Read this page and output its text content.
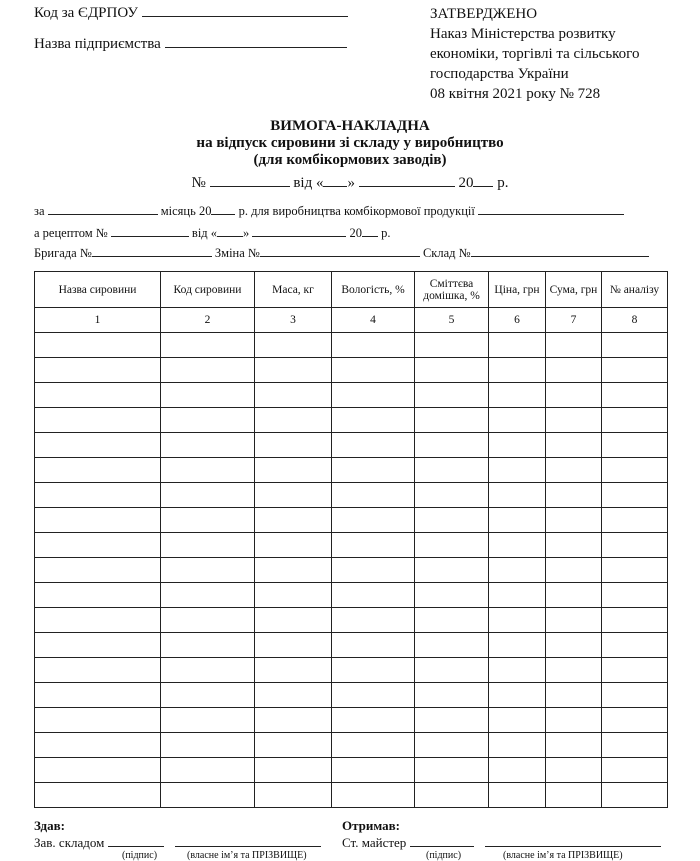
Код за ЄДРПОУ
Назва підприємства
ЗАТВЕРДЖЕНО
Наказ Міністерства розвитку
економіки, торгівлі та сільського
господарства України
08 квітня 2021 року № 728
ВИМОГА-НАКЛАДНА
на відпуск сировини зі складу у виробництво
(для комбікормових заводів)
№	від « »	20 р.
за	місяць 20 р. для виробництва комбікормової продукції
а рецептом №	від « »	20 р.
Бригада №	Зміна №	Склад №
Назва сировини	Код сировини	Маса, кг	Вологість, %	Сміттєва домішка, %	Ціна, грн	Сума, грн	№ аналізу
1	2	3	4	5	6	7	8

Здав:
Зав. складом
(підпис)	(власне ім’я та ПРІЗВИЩЕ)
Отримав:
Ст. майстер
(підпис)	(власне ім’я та ПРІЗВИЩЕ)
